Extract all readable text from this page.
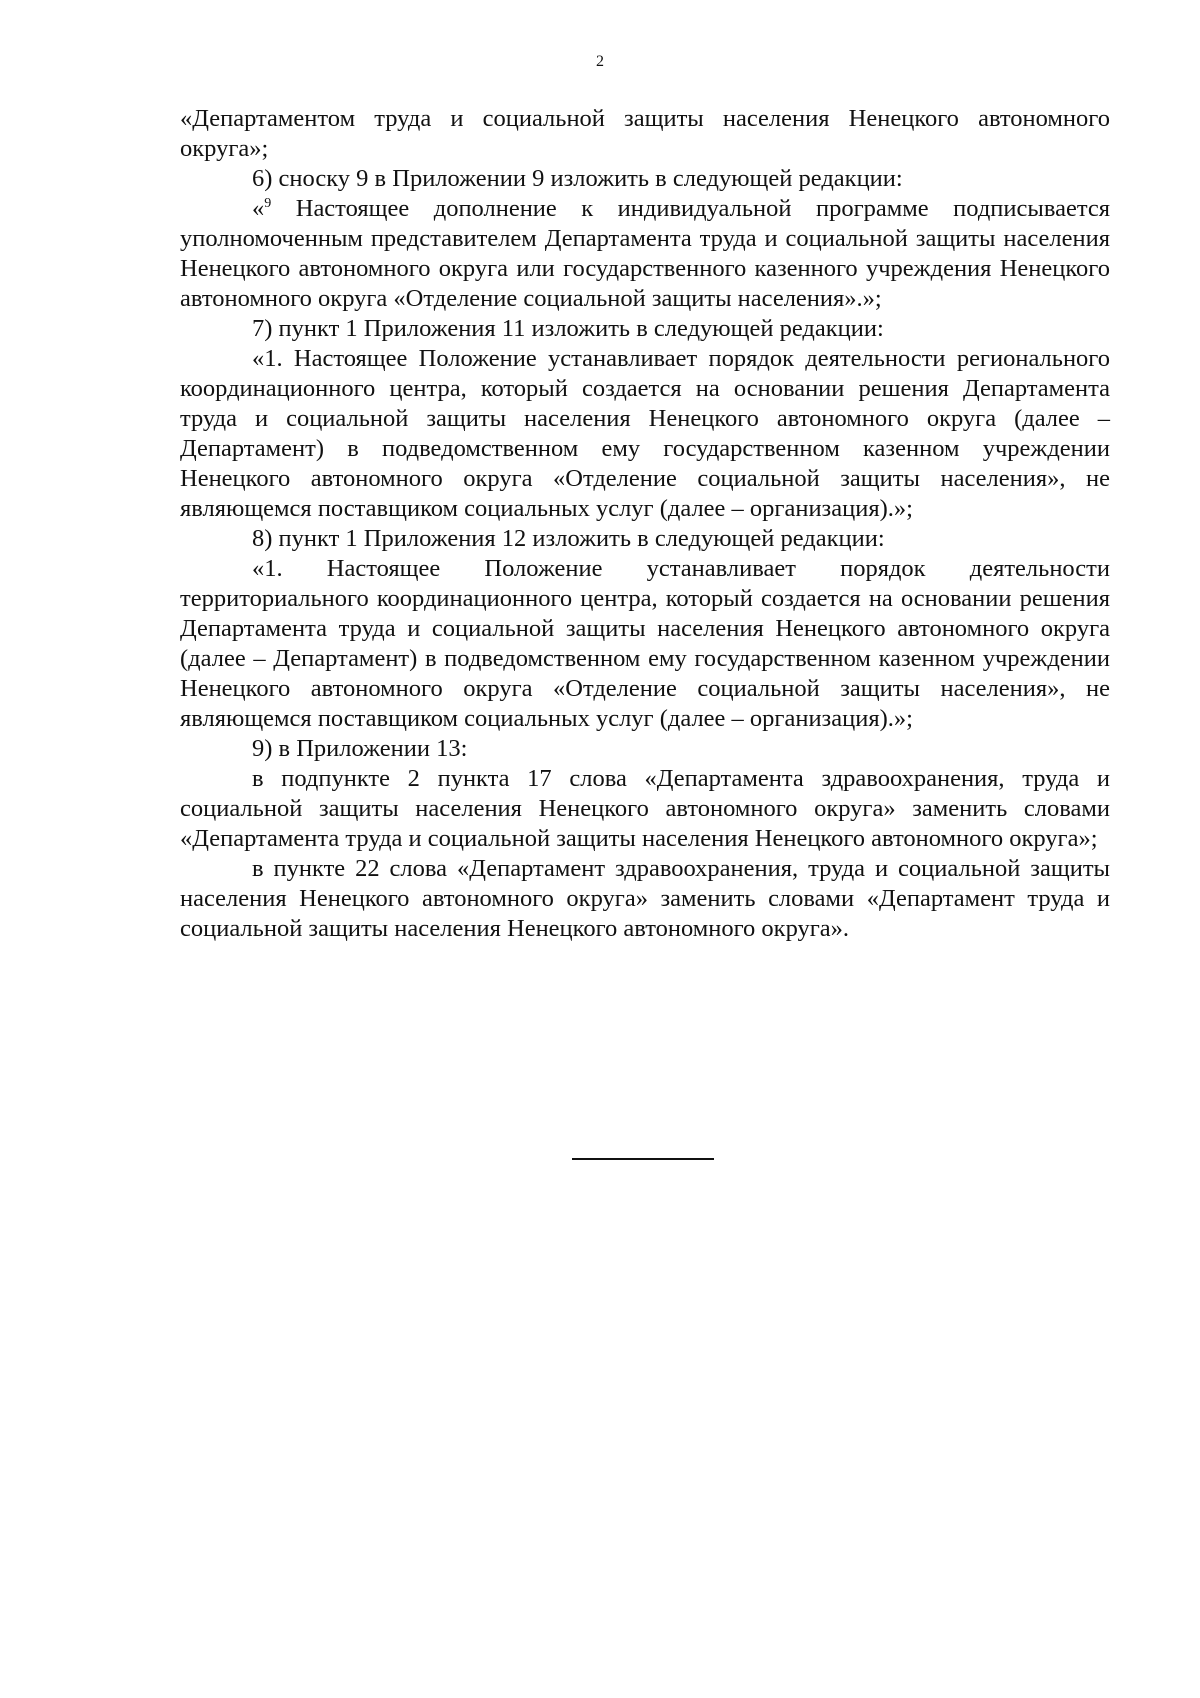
2

«Департаментом труда и социальной защиты населения Ненецкого автономного округа»;

6) сноску 9 в Приложении 9 изложить в следующей редакции:

«$^9$ Настоящее дополнение к индивидуальной программе подписывается уполномоченным представителем Департамента труда и социальной защиты населения Ненецкого автономного округа или государственного казенного учреждения Ненецкого автономного округа «Отделение социальной защиты населения».»;

7) пункт 1 Приложения 11 изложить в следующей редакции:

«1. Настоящее Положение устанавливает порядок деятельности регионального координационного центра, который создается на основании решения Департамента труда и социальной защиты населения Ненецкого автономного округа (далее – Департамент) в подведомственном ему государственном казенном учреждении Ненецкого автономного округа «Отделение социальной защиты населения», не являющемся поставщиком социальных услуг (далее – организация).»;

8) пункт 1 Приложения 12 изложить в следующей редакции:

«1. Настоящее Положение устанавливает порядок деятельности территориального координационного центра, который создается на основании решения Департамента труда и социальной защиты населения Ненецкого автономного округа (далее – Департамент) в подведомственном ему государственном казенном учреждении Ненецкого автономного округа «Отделение социальной защиты населения», не являющемся поставщиком социальных услуг (далее – организация).»;

9) в Приложении 13:

в подпункте 2 пункта 17 слова «Департамента здравоохранения, труда и социальной защиты населения Ненецкого автономного округа» заменить словами «Департамента труда и социальной защиты населения Ненецкого автономного округа»;

в пункте 22 слова «Департамент здравоохранения, труда и социальной защиты населения Ненецкого автономного округа» заменить словами «Департамент труда и социальной защиты населения Ненецкого автономного округа».
